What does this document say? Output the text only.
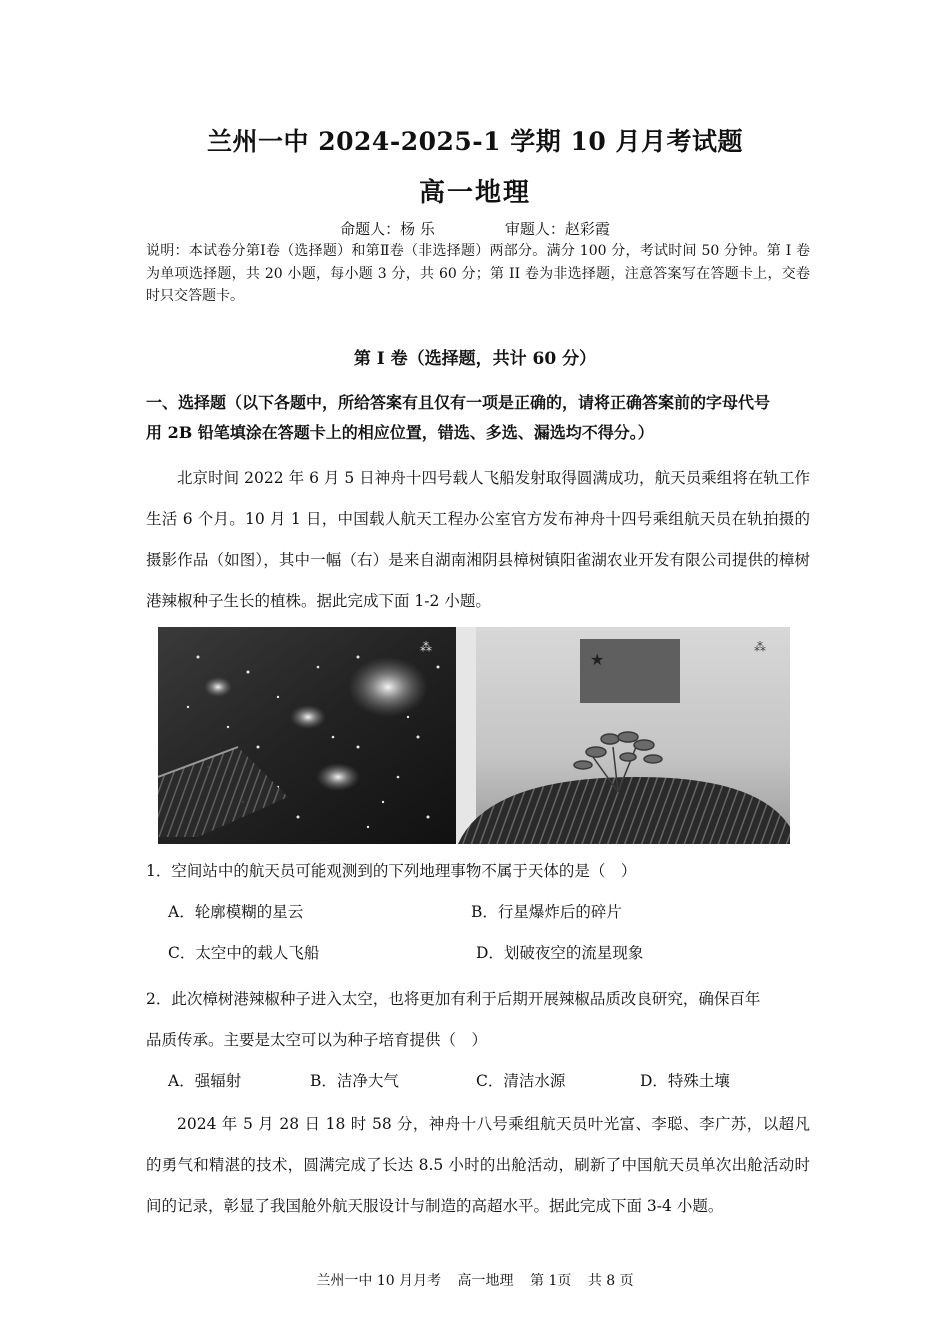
兰州一中 2024-2025-1 学期 10 月月考试题
高一地理
命题人：杨 乐	审题人：赵彩霞
说明：本试卷分第Ⅰ卷（选择题）和第Ⅱ卷（非选择题）两部分。满分 100 分，考试时间 50 分钟。第 I 卷为单项选择题，共 20 小题，每小题 3 分，共 60 分；第 II 卷为非选择题，注意答案写在答题卡上，交卷时只交答题卡。
第 I 卷（选择题，共计 60 分）
一、选择题（以下各题中，所给答案有且仅有一项是正确的，请将正确答案前的字母代号
用 2B 铅笔填涂在答题卡上的相应位置，错选、多选、漏选均不得分。）
北京时间 2022 年 6 月 5 日神舟十四号载人飞船发射取得圆满成功，航天员乘组将在轨工作生活 6 个月。10 月 1 日，中国载人航天工程办公室官方发布神舟十四号乘组航天员在轨拍摄的摄影作品（如图），其中一幅（右）是来自湖南湘阴县樟树镇阳雀湖农业开发有限公司提供的樟树港辣椒种子生长的植株。据此完成下面 1-2 小题。
⁂
★
⁂
1．空间站中的航天员可能观测到的下列地理事物不属于天体的是（　）
A．轮廓模糊的星云	B．行星爆炸后的碎片
C．太空中的载人飞船	D．划破夜空的流星现象
2．此次樟树港辣椒种子进入太空，也将更加有利于后期开展辣椒品质改良研究，确保百年
品质传承。主要是太空可以为种子培育提供（　）
A．强辐射	B．洁净大气	C．清洁水源	D．特殊土壤
2024 年 5 月 28 日 18 时 58 分，神舟十八号乘组航天员叶光富、李聪、李广苏，以超凡的勇气和精湛的技术，圆满完成了长达 8.5 小时的出舱活动，刷新了中国航天员单次出舱活动时间的记录，彰显了我国舱外航天服设计与制造的高超水平。据此完成下面 3-4 小题。
兰州一中 10 月月考 高一地理 第 1页 共 8 页
